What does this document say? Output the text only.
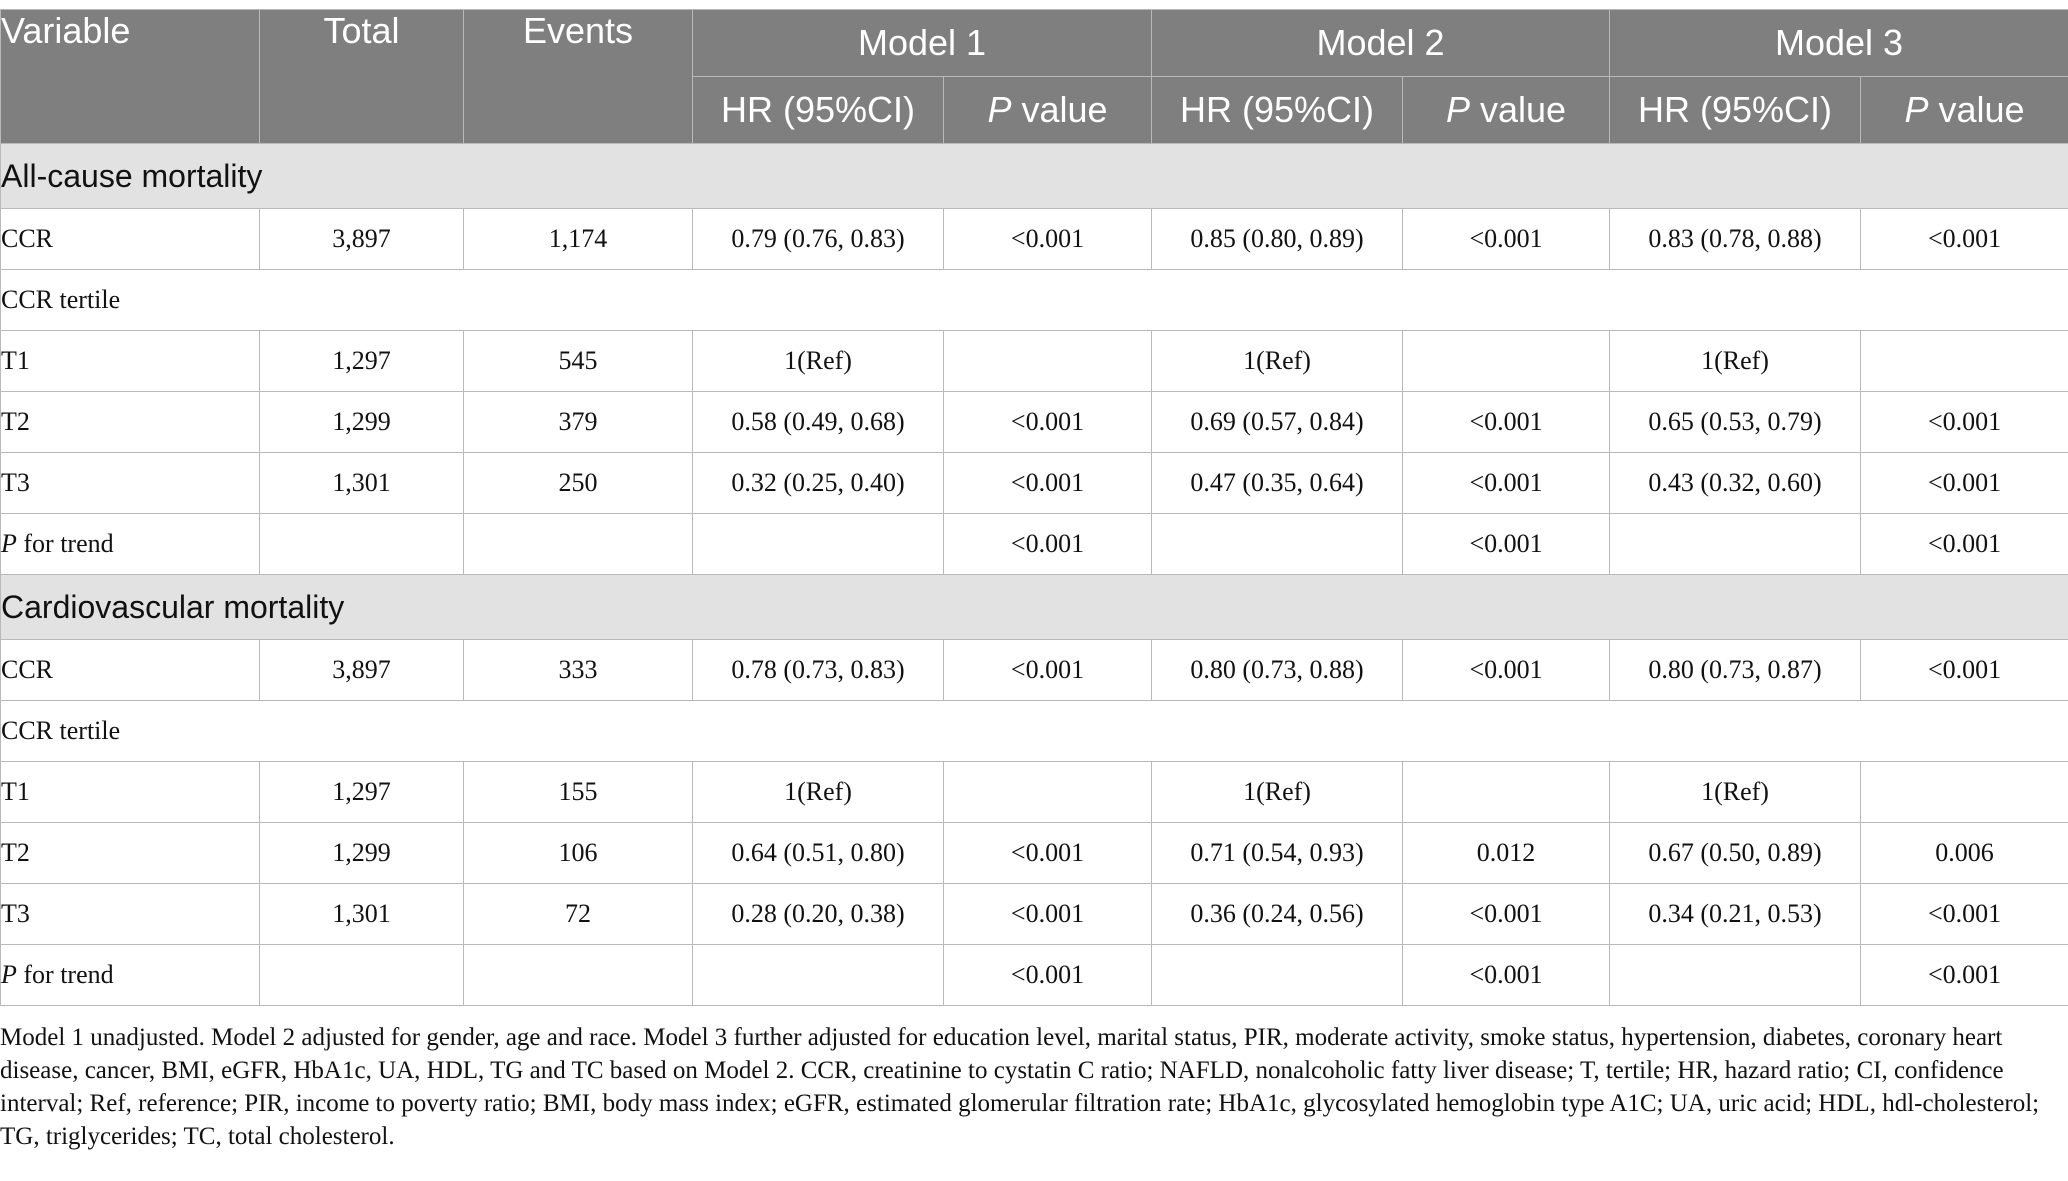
Variable	Total	Events	Model 1		Model 2		Model 3	
			HR (95%CI)	P value	HR (95%CI)	P value	HR (95%CI)	P value
All-cause mortality								
CCR	3,897	1,174	0.79 (0.76, 0.83)	<0.001	0.85 (0.80, 0.89)	<0.001	0.83 (0.78, 0.88)	<0.001
CCR tertile								
T1	1,297	545	1(Ref)		1(Ref)		1(Ref)	
T2	1,299	379	0.58 (0.49, 0.68)	<0.001	0.69 (0.57, 0.84)	<0.001	0.65 (0.53, 0.79)	<0.001
T3	1,301	250	0.32 (0.25, 0.40)	<0.001	0.47 (0.35, 0.64)	<0.001	0.43 (0.32, 0.60)	<0.001
P for trend				<0.001		<0.001		<0.001
Cardiovascular mortality								
CCR	3,897	333	0.78 (0.73, 0.83)	<0.001	0.80 (0.73, 0.88)	<0.001	0.80 (0.73, 0.87)	<0.001
CCR tertile								
T1	1,297	155	1(Ref)		1(Ref)		1(Ref)	
T2	1,299	106	0.64 (0.51, 0.80)	<0.001	0.71 (0.54, 0.93)	0.012	0.67 (0.50, 0.89)	0.006
T3	1,301	72	0.28 (0.20, 0.38)	<0.001	0.36 (0.24, 0.56)	<0.001	0.34 (0.21, 0.53)	<0.001
P for trend				<0.001		<0.001		<0.001
Model 1 unadjusted. Model 2 adjusted for gender, age and race. Model 3 further adjusted for education level, marital status, PIR, moderate activity, smoke status, hypertension, diabetes, coronary heart disease, cancer, BMI, eGFR, HbA1c, UA, HDL, TG and TC based on Model 2. CCR, creatinine to cystatin C ratio; NAFLD, nonalcoholic fatty liver disease; T, tertile; HR, hazard ratio; CI, confidence interval; Ref, reference; PIR, income to poverty ratio; BMI, body mass index; eGFR, estimated glomerular filtration rate; HbA1c, glycosylated hemoglobin type A1C; UA, uric acid; HDL, hdl-cholesterol; TG, triglycerides; TC, total cholesterol.
